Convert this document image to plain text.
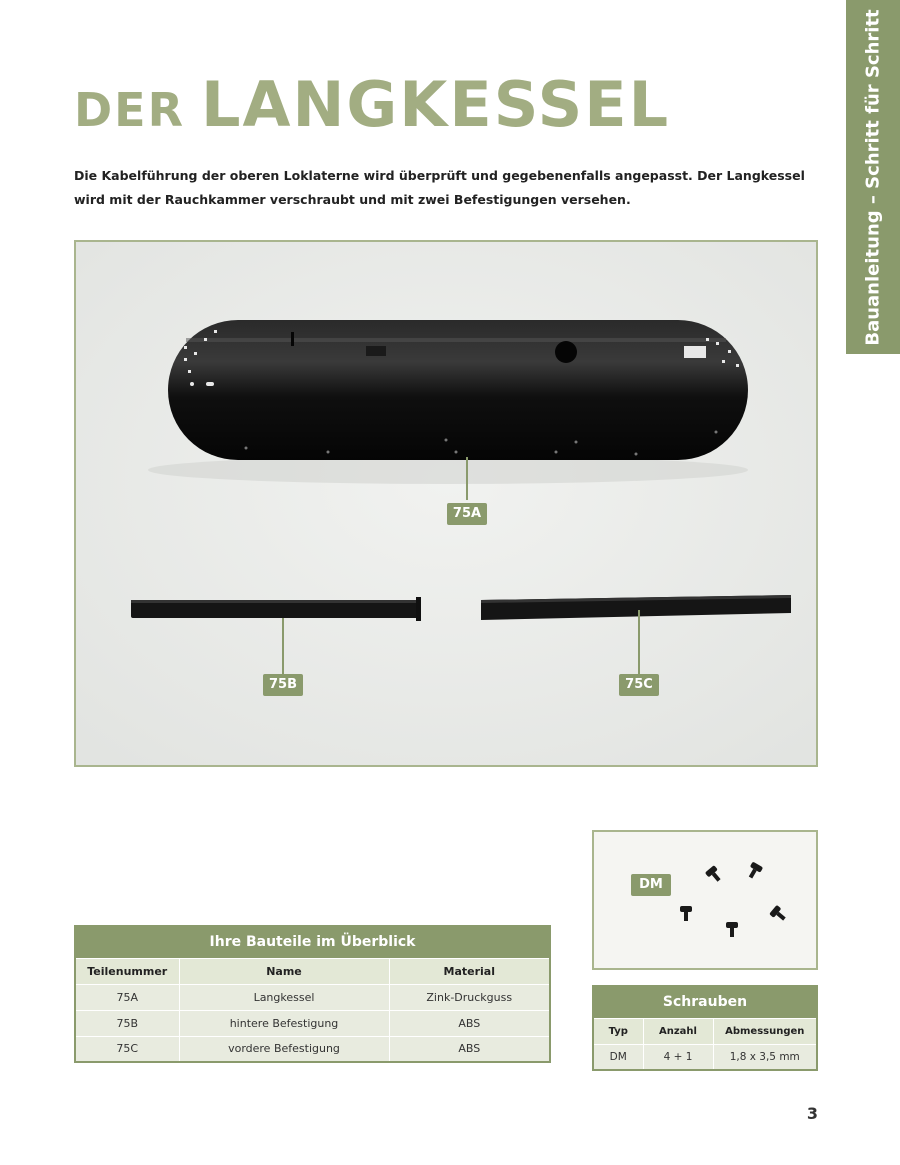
Bauanleitung – Schritt für Schritt
DER LANGKESSEL

Die Kabelführung der oberen Loklaterne wird überprüft und gegebenenfalls angepasst. Der Langkessel wird mit der Rauchkammer verschraubt und mit zwei Befestigungen versehen.

75A
75B	75C
DM
Ihre Bauteile im Überblick		
Teilenummer	Name	Material
75A	Langkessel	Zink-Druckguss
75B	hintere Befestigung	ABS
75C	vordere Befestigung	ABS
Schrauben		
Typ	Anzahl	Abmessungen
DM	4 + 1	1,8 x 3,5 mm
3
